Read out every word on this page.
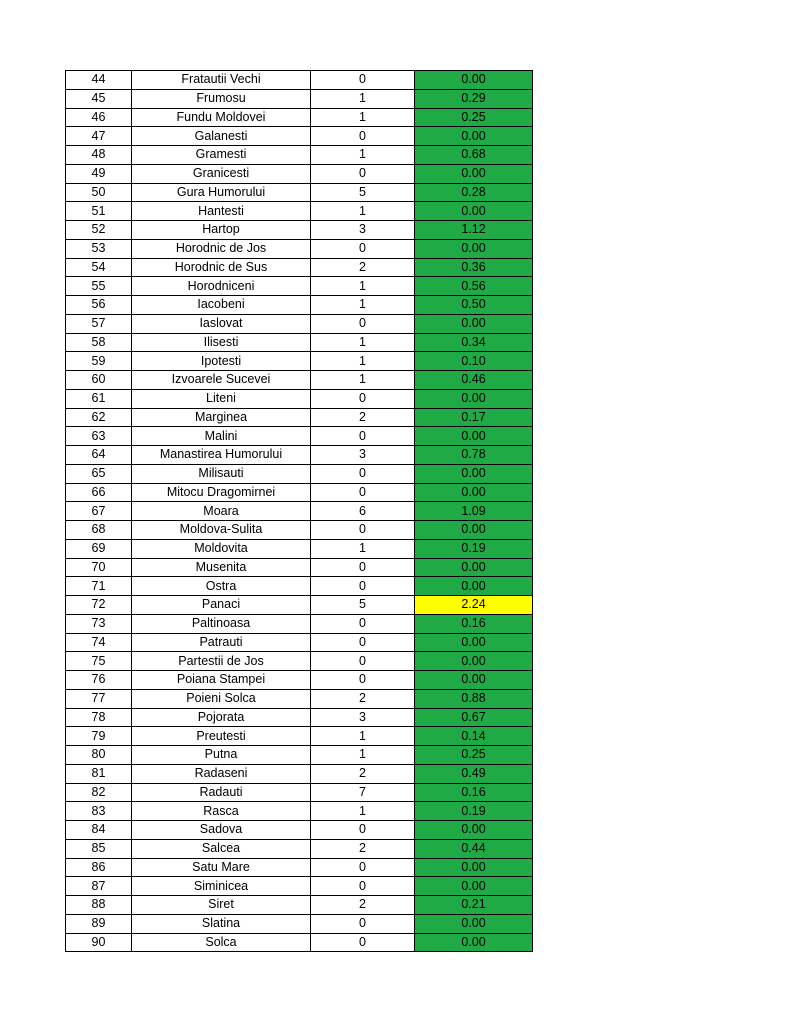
44	Fratautii Vechi	0	0.00
45	Frumosu	1	0.29
46	Fundu Moldovei	1	0.25
47	Galanesti	0	0.00
48	Gramesti	1	0.68
49	Granicesti	0	0.00
50	Gura Humorului	5	0.28
51	Hantesti	1	0.00
52	Hartop	3	1.12
53	Horodnic de Jos	0	0.00
54	Horodnic de Sus	2	0.36
55	Horodniceni	1	0.56
56	Iacobeni	1	0.50
57	Iaslovat	0	0.00
58	Ilisesti	1	0.34
59	Ipotesti	1	0.10
60	Izvoarele Sucevei	1	0.46
61	Liteni	0	0.00
62	Marginea	2	0.17
63	Malini	0	0.00
64	Manastirea Humorului	3	0.78
65	Milisauti	0	0.00
66	Mitocu Dragomirnei	0	0.00
67	Moara	6	1.09
68	Moldova-Sulita	0	0.00
69	Moldovita	1	0.19
70	Musenita	0	0.00
71	Ostra	0	0.00
72	Panaci	5	2.24
73	Paltinoasa	0	0.16
74	Patrauti	0	0.00
75	Partestii de Jos	0	0.00
76	Poiana Stampei	0	0.00
77	Poieni Solca	2	0.88
78	Pojorata	3	0.67
79	Preutesti	1	0.14
80	Putna	1	0.25
81	Radaseni	2	0.49
82	Radauti	7	0.16
83	Rasca	1	0.19
84	Sadova	0	0.00
85	Salcea	2	0.44
86	Satu Mare	0	0.00
87	Siminicea	0	0.00
88	Siret	2	0.21
89	Slatina	0	0.00
90	Solca	0	0.00
